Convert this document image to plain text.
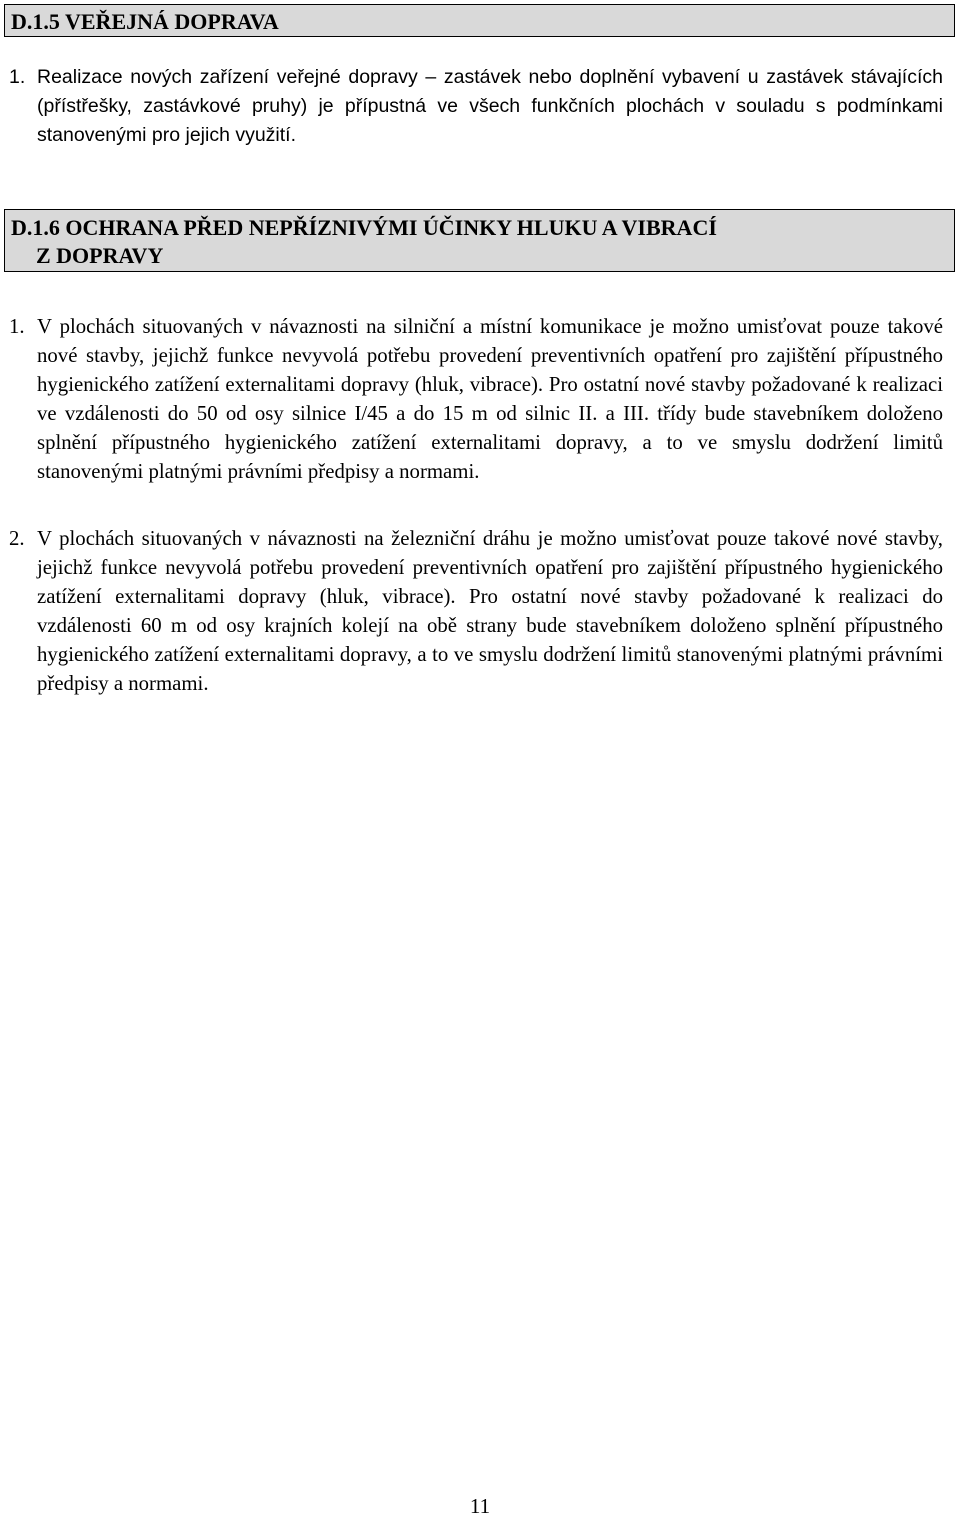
D.1.5 VEŘEJNÁ DOPRAVA
1. Realizace nových zařízení veřejné dopravy – zastávek nebo doplnění vybavení u zastávek stávajících (přístřešky, zastávkové pruhy) je přípustná ve všech funkčních plochách v souladu s podmínkami stanovenými pro jejich využití.
D.1.6 OCHRANA PŘED NEPŘÍZNIVÝMI ÚČINKY HLUKU A VIBRACÍ
Z DOPRAVY
1. V plochách situovaných v návaznosti na silniční a místní komunikace je možno umisťovat pouze takové nové stavby, jejichž funkce nevyvolá potřebu provedení preventivních opatření pro zajištění přípustného hygienického zatížení externalitami dopravy (hluk, vibrace). Pro ostatní nové stavby požadované k realizaci ve vzdálenosti do 50 od osy silnice I/45 a do 15 m od silnic II. a III. třídy bude stavebníkem doloženo splnění přípustného hygienického zatížení externalitami dopravy, a to ve smyslu dodržení limitů stanovenými platnými právními předpisy a normami.
2. V plochách situovaných v návaznosti na železniční dráhu je možno umisťovat pouze takové nové stavby, jejichž funkce nevyvolá potřebu provedení preventivních opatření pro zajištění přípustného hygienického zatížení externalitami dopravy (hluk, vibrace). Pro ostatní nové stavby požadované k realizaci do vzdálenosti 60 m od osy krajních kolejí na obě strany bude stavebníkem doloženo splnění přípustného hygienického zatížení externalitami dopravy, a to ve smyslu dodržení limitů stanovenými platnými právními předpisy a normami.
11
